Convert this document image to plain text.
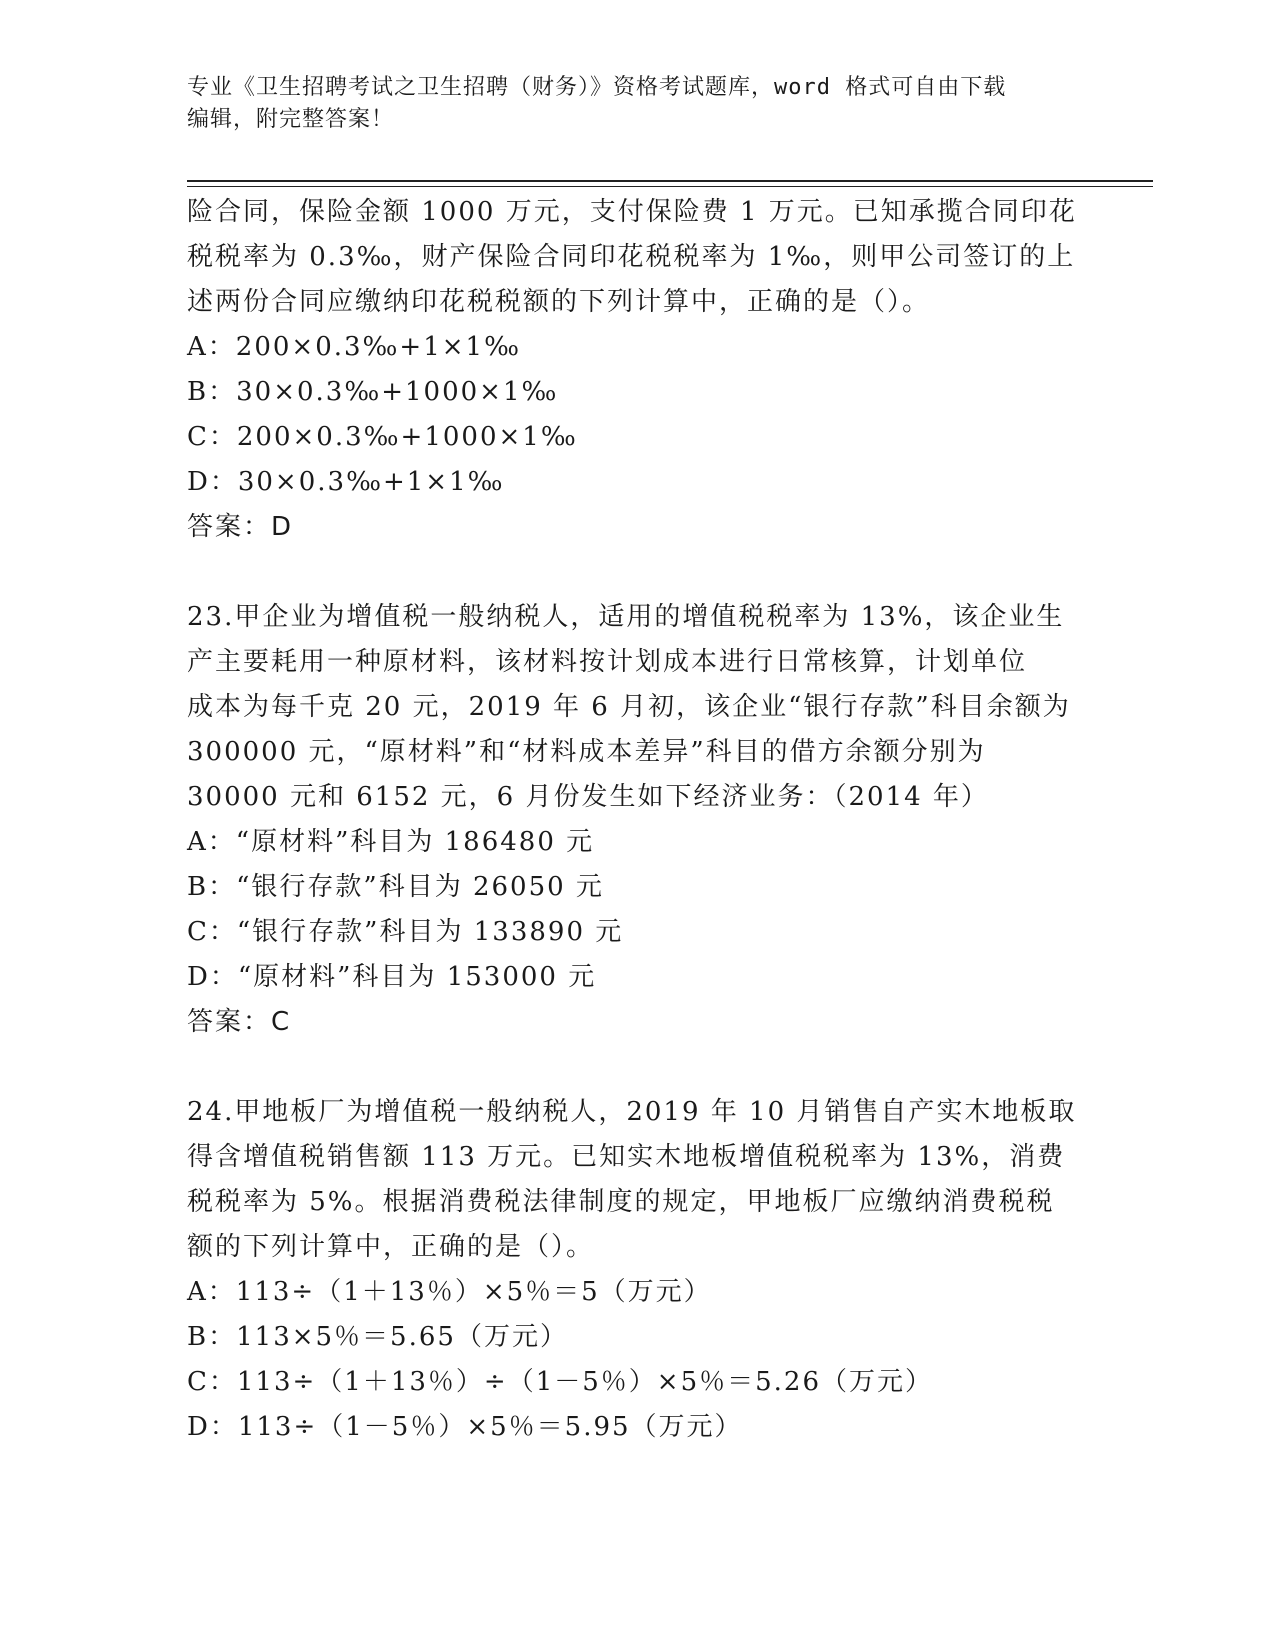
专业《卫生招聘考试之卫生招聘（财务）》资格考试题库，word 格式可自由下载
编辑，附完整答案！

险合同，保险金额 1000 万元，支付保险费 1 万元。已知承揽合同印花

税税率为 0.3‰，财产保险合同印花税税率为 1‰，则甲公司签订的上

述两份合同应缴纳印花税税额的下列计算中，正确的是（）。

A：200×0.3‰+1×1‰

B：30×0.3‰+1000×1‰

C：200×0.3‰+1000×1‰

D：30×0.3‰+1×1‰

答案：D

23.甲企业为增值税一般纳税人，适用的增值税税率为 13%，该企业生

产主要耗用一种原材料，该材料按计划成本进行日常核算，计划单位

成本为每千克 20 元，2019 年 6 月初，该企业“银行存款”科目余额为

300000 元，“原材料”和“材料成本差异”科目的借方余额分别为

30000 元和 6152 元，6 月份发生如下经济业务：（2014 年）

A：“原材料”科目为 186480 元

B：“银行存款”科目为 26050 元

C：“银行存款”科目为 133890 元

D：“原材料”科目为 153000 元

答案：C

24.甲地板厂为增值税一般纳税人，2019 年 10 月销售自产实木地板取

得含增值税销售额 113 万元。已知实木地板增值税税率为 13%，消费

税税率为 5%。根据消费税法律制度的规定，甲地板厂应缴纳消费税税

额的下列计算中，正确的是（）。

A：113÷（1＋13％）×5％＝5（万元）

B：113×5％＝5.65（万元）

C：113÷（1＋13％）÷（1－5％）×5％＝5.26（万元）

D：113÷（1－5％）×5％＝5.95（万元）
